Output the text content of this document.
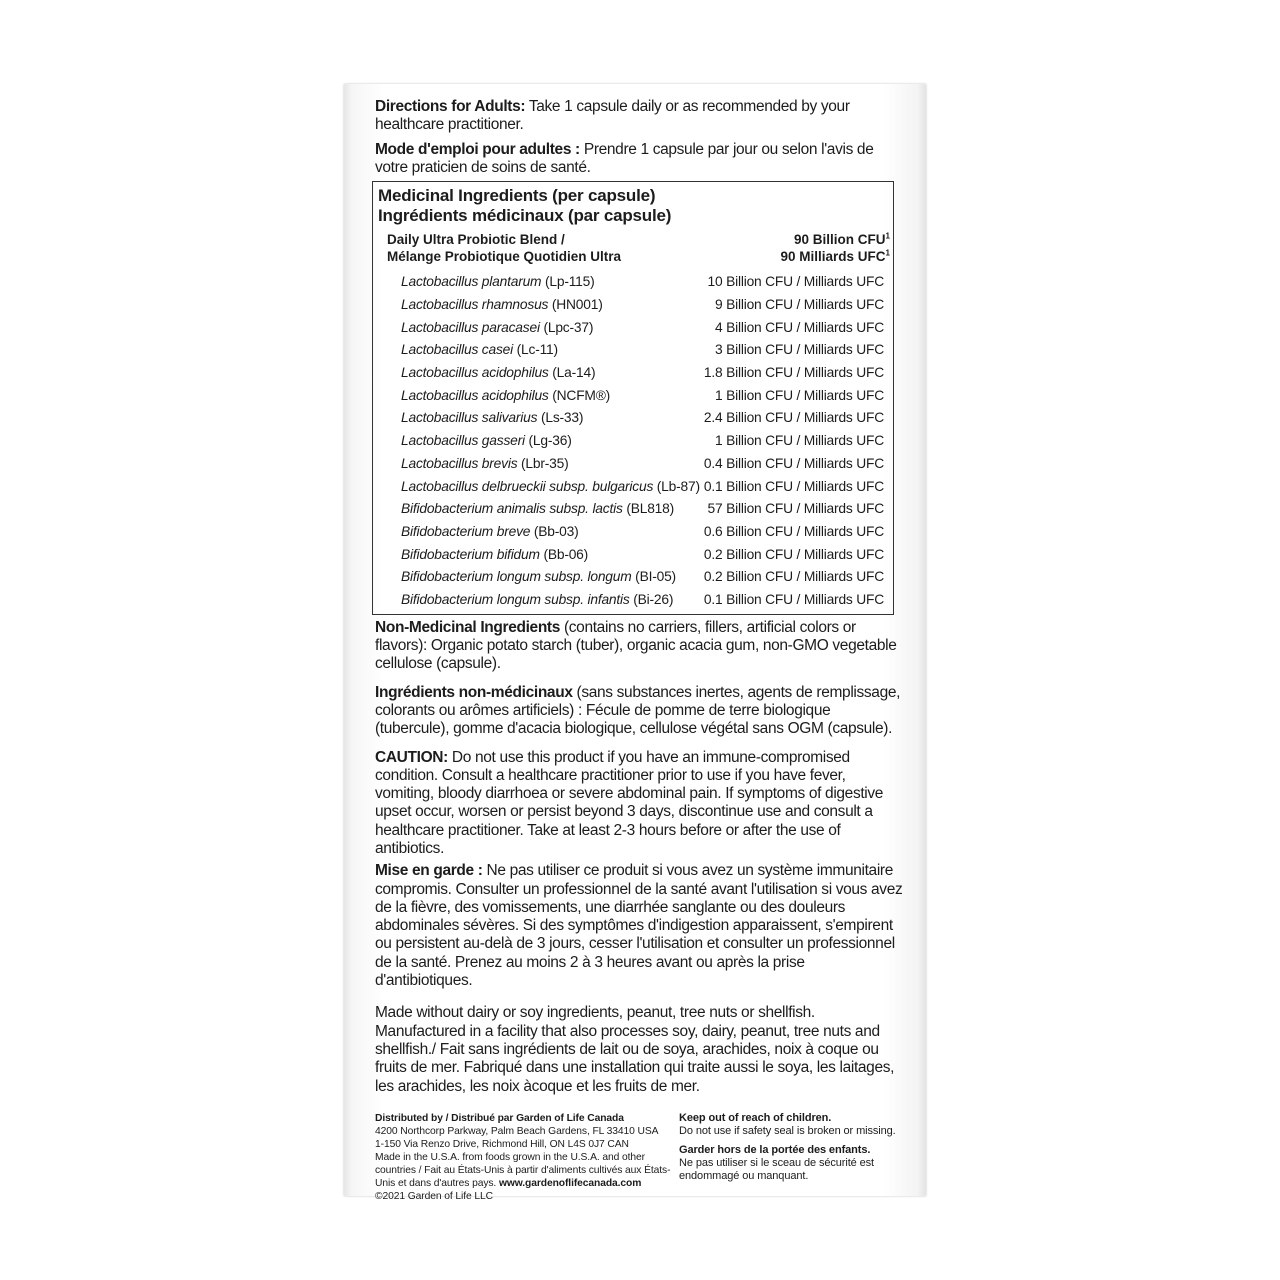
Directions for Adults: Take 1 capsule daily or as recommended by your healthcare practitioner.

Mode d'emploi pour adultes : Prendre 1 capsule par jour ou selon l'avis de votre praticien de soins de santé.

Medicinal Ingredients (per capsule)
Ingrédients médicinaux (par capsule)
Daily Ultra Probiotic Blend /
Mélange Probiotique Quotidien Ultra
90 Billion CFU$^1$
90 Milliards UFC$^1$
Lactobacillus plantarum (Lp-115)	10 Billion CFU / Milliards UFC
Lactobacillus rhamnosus (HN001)	9 Billion CFU / Milliards UFC
Lactobacillus paracasei (Lpc-37)	4 Billion CFU / Milliards UFC
Lactobacillus casei (Lc-11)	3 Billion CFU / Milliards UFC
Lactobacillus acidophilus (La-14)	1.8 Billion CFU / Milliards UFC
Lactobacillus acidophilus (NCFM®)	1 Billion CFU / Milliards UFC
Lactobacillus salivarius (Ls-33)	2.4 Billion CFU / Milliards UFC
Lactobacillus gasseri (Lg-36)	1 Billion CFU / Milliards UFC
Lactobacillus brevis (Lbr-35)	0.4 Billion CFU / Milliards UFC
Lactobacillus delbrueckii subsp. bulgaricus (Lb-87) 0.1 Billion CFU / Milliards UFC
Bifidobacterium animalis subsp. lactis (BL818) 57 Billion CFU / Milliards UFC
Bifidobacterium breve (Bb-03)	0.6 Billion CFU / Milliards UFC
Bifidobacterium bifidum (Bb-06)	0.2 Billion CFU / Milliards UFC
Bifidobacterium longum subsp. longum (BI-05) 0.2 Billion CFU / Milliards UFC
Bifidobacterium longum subsp. infantis (Bi-26) 0.1 Billion CFU / Milliards UFC

Non-Medicinal Ingredients (contains no carriers, fillers, artificial colors or flavors): Organic potato starch (tuber), organic acacia gum, non-GMO vegetable cellulose (capsule).

Ingrédients non-médicinaux (sans substances inertes, agents de remplissage, colorants ou arômes artificiels) : Fécule de pomme de terre biologique (tubercule), gomme d'acacia biologique, cellulose végétal sans OGM (capsule).

CAUTION: Do not use this product if you have an immune-compromised condition. Consult a healthcare practitioner prior to use if you have fever, vomiting, bloody diarrhoea or severe abdominal pain. If symptoms of digestive upset occur, worsen or persist beyond 3 days, discontinue use and consult a healthcare practitioner. Take at least 2-3 hours before or after the use of antibiotics.

Mise en garde : Ne pas utiliser ce produit si vous avez un système immunitaire compromis. Consulter un professionnel de la santé avant l'utilisation si vous avez de la fièvre, des vomissements, une diarrhée sanglante ou des douleurs abdominales sévères. Si des symptômes d'indigestion apparaissent, s'empirent ou persistent au-delà de 3 jours, cesser l'utilisation et consulter un professionnel de la santé. Prenez au moins 2 à 3 heures avant ou après la prise d'antibiotiques.

Made without dairy or soy ingredients, peanut, tree nuts or shellfish. Manufactured in a facility that also processes soy, dairy, peanut, tree nuts and shellfish./ Fait sans ingrédients de lait ou de soya, arachides, noix à coque ou fruits de mer. Fabriqué dans une installation qui traite aussi le soya, les laitages, les arachides, les noix àcoque et les fruits de mer.

Distributed by / Distribué par Garden of Life Canada
4200 Northcorp Parkway, Palm Beach Gardens, FL 33410 USA
1-150 Via Renzo Drive, Richmond Hill, ON L4S 0J7 CAN
Made in the U.S.A. from foods grown in the U.S.A. and other countries / Fait au États-Unis à partir d'aliments cultivés aux États-Unis et dans d'autres pays. www.gardenoflifecanada.com
©2021 Garden of Life LLC
Keep out of reach of children.
Do not use if safety seal is broken or missing.
Garder hors de la portée des enfants.
Ne pas utiliser si le sceau de sécurité est endommagé ou manquant.
